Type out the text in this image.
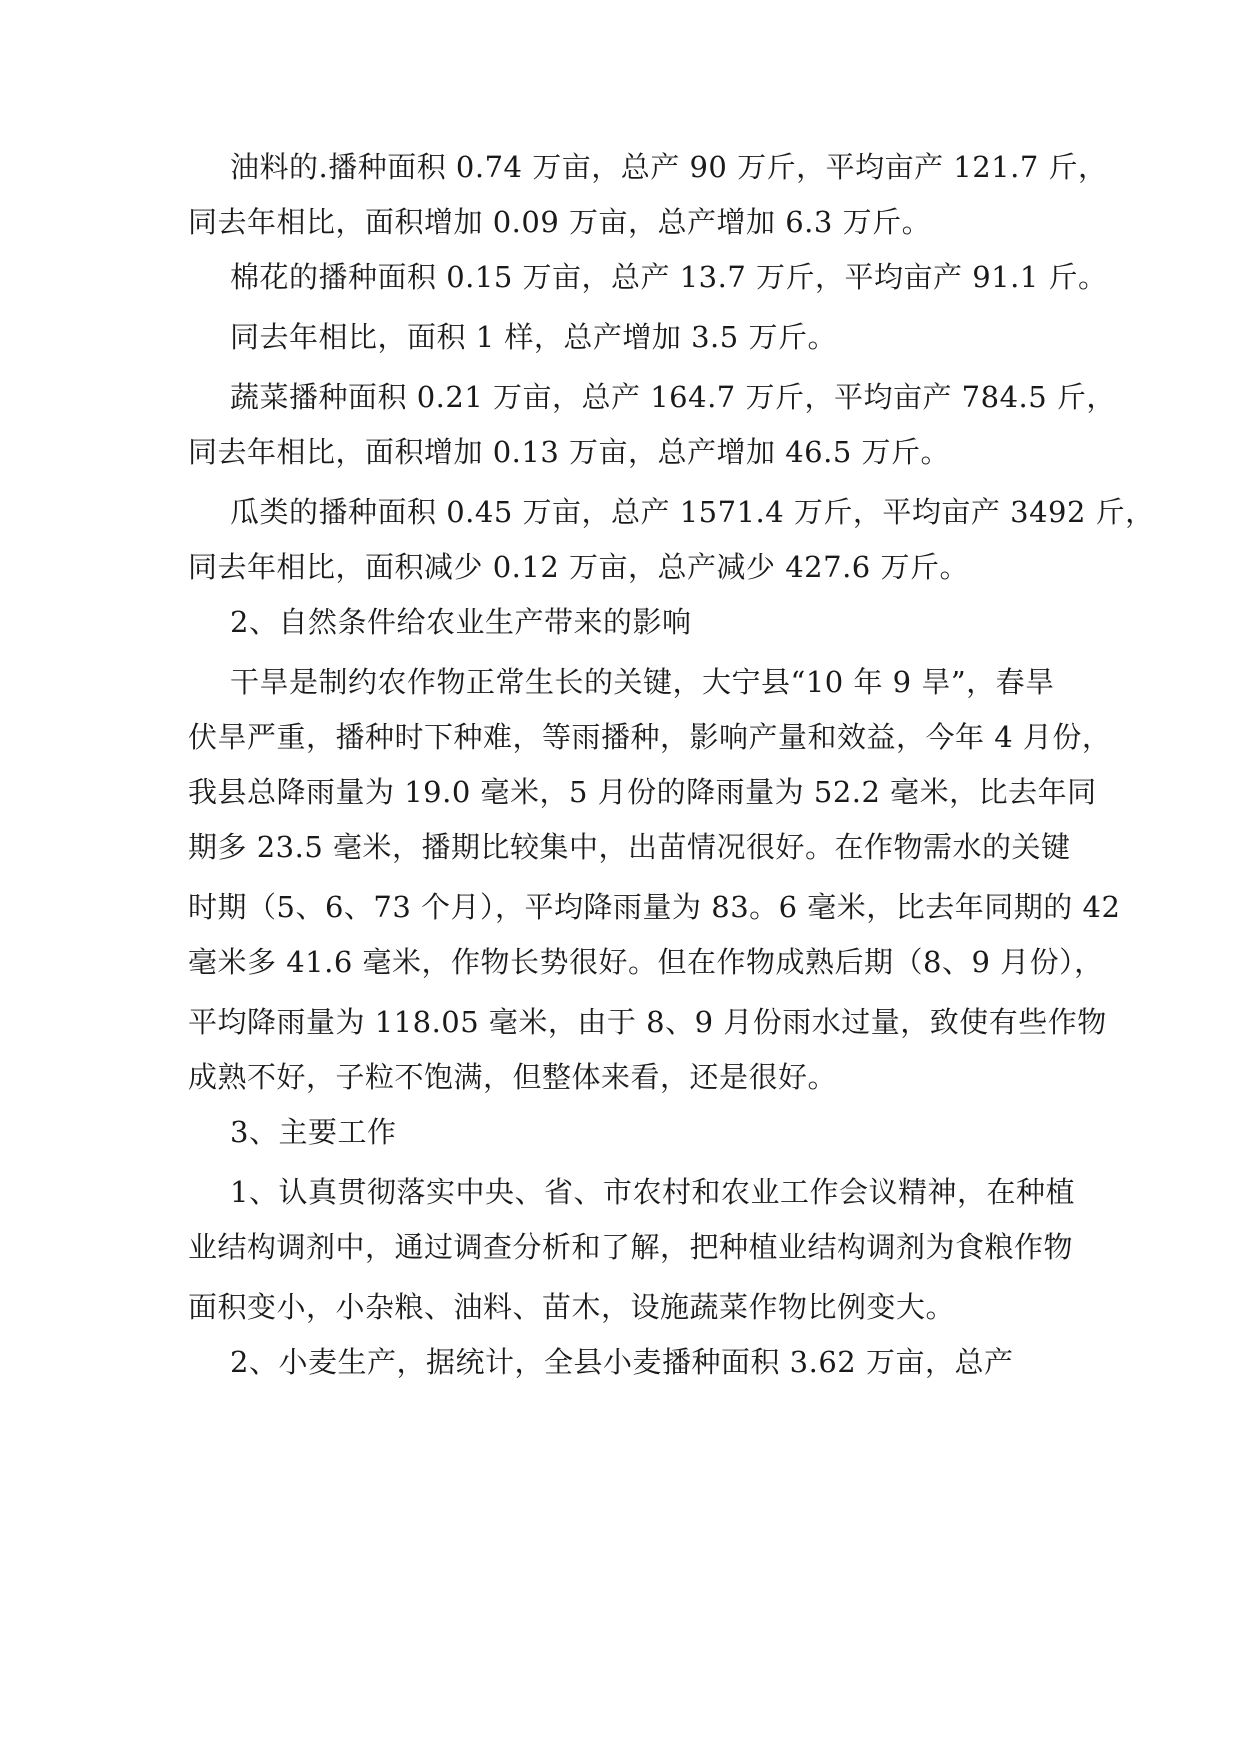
油料的.播种面积 0.74 万亩，总产 90 万斤，平均亩产 121.7 斤，
同去年相比，面积增加 0.09 万亩，总产增加 6.3 万斤。
棉花的播种面积 0.15 万亩，总产 13.7 万斤，平均亩产 91.1 斤。
同去年相比，面积 1 样，总产增加 3.5 万斤。
蔬菜播种面积 0.21 万亩，总产 164.7 万斤，平均亩产 784.5 斤，
同去年相比，面积增加 0.13 万亩，总产增加 46.5 万斤。
瓜类的播种面积 0.45 万亩，总产 1571.4 万斤，平均亩产 3492 斤，
同去年相比，面积减少 0.12 万亩，总产减少 427.6 万斤。
2、自然条件给农业生产带来的影响
干旱是制约农作物正常生长的关键，大宁县“10 年 9 旱”，春旱
伏旱严重，播种时下种难，等雨播种，影响产量和效益，今年 4 月份，
我县总降雨量为 19.0 毫米，5 月份的降雨量为 52.2 毫米，比去年同
期多 23.5 毫米，播期比较集中，出苗情况很好。在作物需水的关键
时期（5、6、73 个月），平均降雨量为 83。6 毫米，比去年同期的 42
毫米多 41.6 毫米，作物长势很好。但在作物成熟后期（8、9 月份），
平均降雨量为 118.05 毫米，由于 8、9 月份雨水过量，致使有些作物
成熟不好，子粒不饱满，但整体来看，还是很好。
3、主要工作
1、认真贯彻落实中央、省、市农村和农业工作会议精神，在种植
业结构调剂中，通过调查分析和了解，把种植业结构调剂为食粮作物
面积变小，小杂粮、油料、苗木，设施蔬菜作物比例变大。
2、小麦生产，据统计，全县小麦播种面积 3.62 万亩，总产
